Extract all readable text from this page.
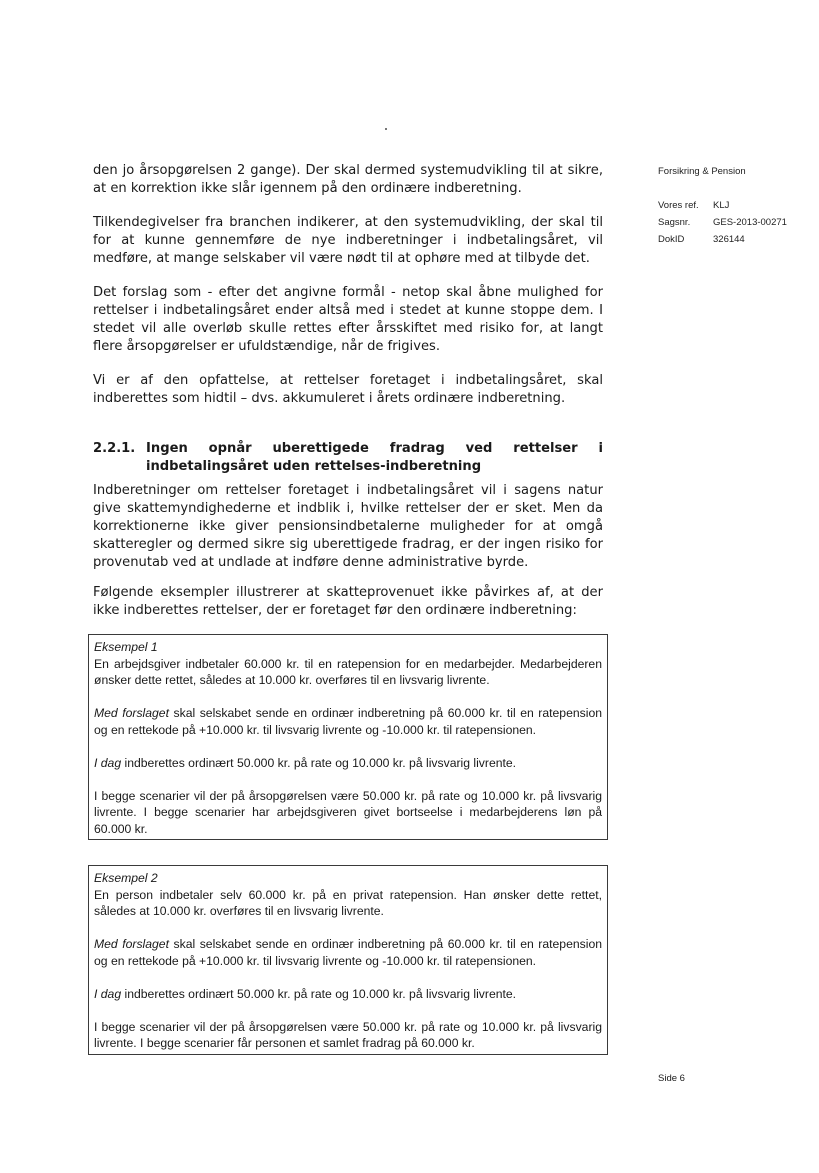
Forsikring & Pension
Vores ref. KLJ
Sagsnr. GES-2013-00271
DokID	326144

den jo årsopgørelsen 2 gange). Der skal dermed systemudvikling til at sikre, at en korrektion ikke slår igennem på den ordinære indberetning.

Tilkendegivelser fra branchen indikerer, at den systemudvikling, der skal til for at kunne gennemføre de nye indberetninger i indbetalingsåret, vil medføre, at mange selskaber vil være nødt til at ophøre med at tilbyde det.

Det forslag som - efter det angivne formål - netop skal åbne mulighed for rettelser i indbetalingsåret ender altså med i stedet at kunne stoppe dem. I stedet vil alle overløb skulle rettes efter årsskiftet med risiko for, at langt flere årsopgørelser er ufuldstændige, når de frigives.

Vi er af den opfattelse, at rettelser foretaget i indbetalingsåret, skal indberettes som hidtil – dvs. akkumuleret i årets ordinære indberetning.

2.2.1. Ingen opnår uberettigede fradrag ved rettelser i indbetalingsåret uden rettelses-indberetning

Indberetninger om rettelser foretaget i indbetalingsåret vil i sagens natur give skattemyndighederne et indblik i, hvilke rettelser der er sket. Men da korrektionerne ikke giver pensionsindbetalerne muligheder for at omgå skatteregler og dermed sikre sig uberettigede fradrag, er der ingen risiko for provenutab ved at undlade at indføre denne administrative byrde.

Følgende eksempler illustrerer at skatteprovenuet ikke påvirkes af, at der ikke indberettes rettelser, der er foretaget før den ordinære indberetning:

Eksempel 1

En arbejdsgiver indbetaler 60.000 kr. til en ratepension for en medarbejder. Medarbejderen ønsker dette rettet, således at 10.000 kr. overføres til en livsvarig livrente.

Med forslaget skal selskabet sende en ordinær indberetning på 60.000 kr. til en ratepension og en rettekode på +10.000 kr. til livsvarig livrente og -10.000 kr. til ratepensionen.

I dag indberettes ordinært 50.000 kr. på rate og 10.000 kr. på livsvarig livrente.

I begge scenarier vil der på årsopgørelsen være 50.000 kr. på rate og 10.000 kr. på livsvarig livrente. I begge scenarier har arbejdsgiveren givet bortseelse i medarbejderens løn på 60.000 kr.

Eksempel 2

En person indbetaler selv 60.000 kr. på en privat ratepension. Han ønsker dette rettet, således at 10.000 kr. overføres til en livsvarig livrente.

Med forslaget skal selskabet sende en ordinær indberetning på 60.000 kr. til en ratepension og en rettekode på +10.000 kr. til livsvarig livrente og -10.000 kr. til ratepensionen.

I dag indberettes ordinært 50.000 kr. på rate og 10.000 kr. på livsvarig livrente.

I begge scenarier vil der på årsopgørelsen være 50.000 kr. på rate og 10.000 kr. på livsvarig livrente. I begge scenarier får personen et samlet fradrag på 60.000 kr.

Side 6
